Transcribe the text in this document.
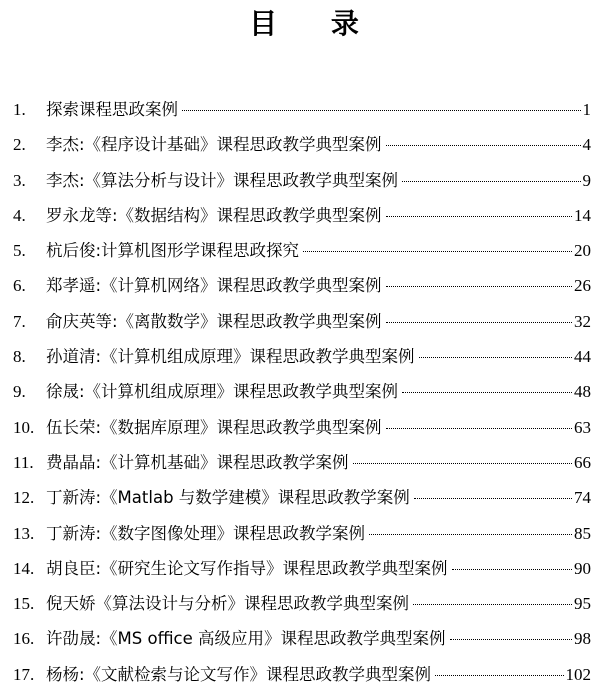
目 录
1.	探索课程思政案例	1
2.	李杰:《程序设计基础》课程思政教学典型案例	4
3.	李杰:《算法分析与设计》课程思政教学典型案例	9
4.	罗永龙等:《数据结构》课程思政教学典型案例	14
5.	杭后俊:计算机图形学课程思政探究	20
6.	郑孝遥:《计算机网络》课程思政教学典型案例	26
7.	俞庆英等:《离散数学》课程思政教学典型案例	32
8.	孙道清:《计算机组成原理》课程思政教学典型案例	44
9.	徐晟:《计算机组成原理》课程思政教学典型案例	48
10. 伍长荣:《数据库原理》课程思政教学典型案例	63
11. 费晶晶:《计算机基础》课程思政教学案例	66
12. 丁新涛:《Matlab 与数学建模》课程思政教学案例	74
13. 丁新涛:《数字图像处理》课程思政教学案例	85
14. 胡良臣:《研究生论文写作指导》课程思政教学典型案例	90
15. 倪天娇《算法设计与分析》课程思政教学典型案例	95
16. 许劭晟:《MS office 高级应用》课程思政教学典型案例	98
17. 杨杨:《文献检索与论文写作》课程思政教学典型案例	102
